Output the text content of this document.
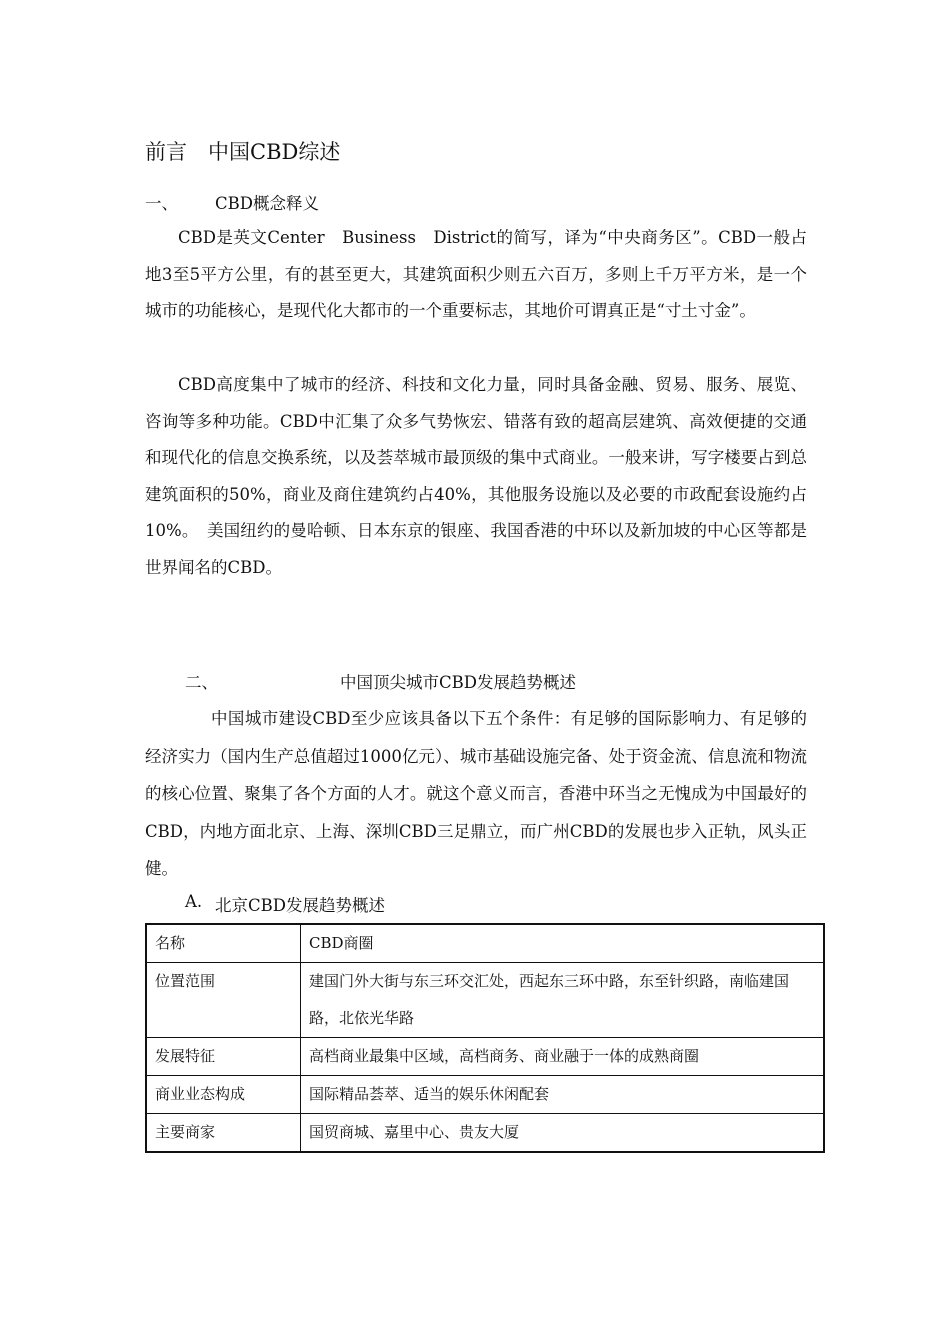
前言　中国CBD综述
一、 CBD概念释义

CBD是英文Center　Business　District的简写，译为“中央商务区”。CBD一般占地3至5平方公里，有的甚至更大，其建筑面积少则五六百万，多则上千万平方米，是一个城市的功能核心，是现代化大都市的一个重要标志，其地价可谓真正是“寸土寸金”。

CBD高度集中了城市的经济、科技和文化力量，同时具备金融、贸易、服务、展览、咨询等多种功能。CBD中汇集了众多气势恢宏、错落有致的超高层建筑、高效便捷的交通和现代化的信息交换系统，以及荟萃城市最顶级的集中式商业。一般来讲，写字楼要占到总建筑面积的50%，商业及商住建筑约占40%，其他服务设施以及必要的市政配套设施约占10%。　美国纽约的曼哈顿、日本东京的银座、我国香港的中环以及新加坡的中心区等都是世界闻名的CBD。

二、	中国顶尖城市CBD发展趋势概述

中国城市建设CBD至少应该具备以下五个条件：有足够的国际影响力、有足够的经济实力（国内生产总值超过1000亿元）、城市基础设施完备、处于资金流、信息流和物流的核心位置、聚集了各个方面的人才。就这个意义而言，香港中环当之无愧成为中国最好的CBD，内地方面北京、上海、深圳CBD三足鼎立，而广州CBD的发展也步入正轨，风头正健。

A. 北京CBD发展趋势概述
名称	CBD商圈
位置范围	建国门外大街与东三环交汇处，西起东三环中路，东至针织路，南临建国路，北依光华路
发展特征	高档商业最集中区域，高档商务、商业融于一体的成熟商圈
商业业态构成	国际精品荟萃、适当的娱乐休闲配套
主要商家	国贸商城、嘉里中心、贵友大厦
